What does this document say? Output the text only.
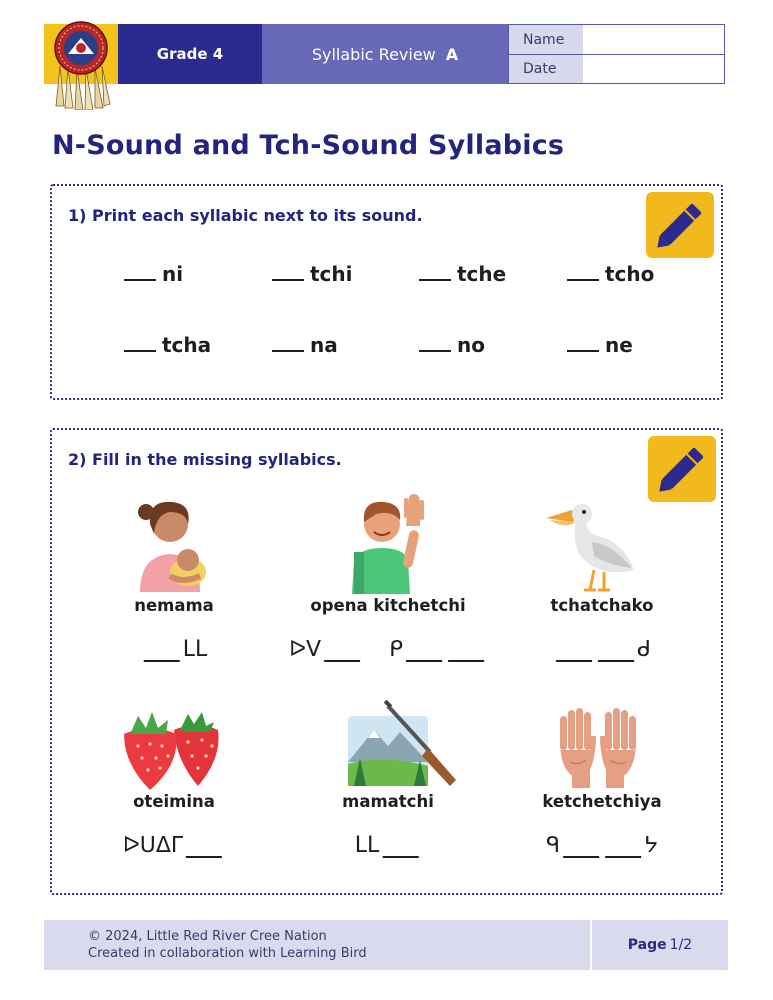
Grade 4	Syllabic Review A
Name
Date
N-Sound and Tch-Sound Syllabics
1) Print each syllabic next to its sound.
ni	tchi	tche	tcho
tcha	na	no	ne
2) Fill in the missing syllabics.
nemama
LL
opena kitchetchi
ᐅᐯ	ᑭ
tchatchako
ᑯ
oteimina
ᐅᑌᐃᒥ
mamatchi
LL
ketchetchiya
ᑫ	ᔭ
© 2024, Little Red River Cree Nation
Created in collaboration with Learning Bird
Page 1/2
